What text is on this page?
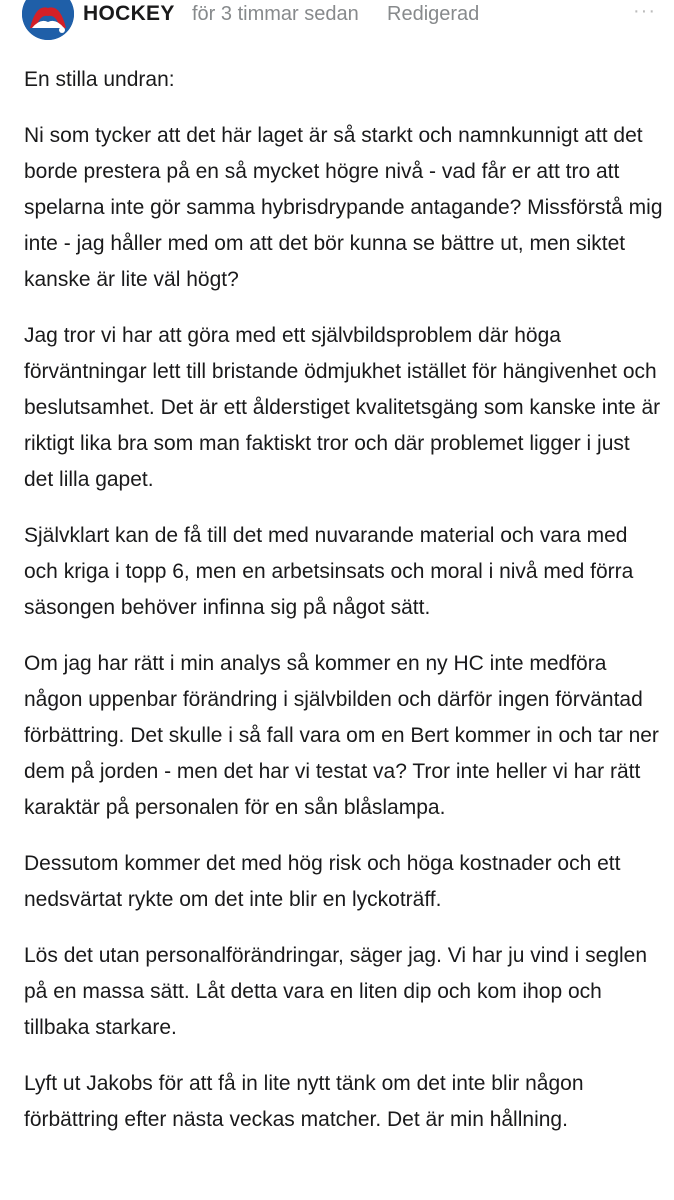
HOCKEY för 3 timmar sedan Redigerad	···

En stilla undran:

Ni som tycker att det här laget är så starkt och namnkunnigt att det borde prestera på en så mycket högre nivå - vad får er att tro att spelarna inte gör samma hybrisdrypande antagande? Missförstå mig inte - jag håller med om att det bör kunna se bättre ut, men siktet kanske är lite väl högt?

Jag tror vi har att göra med ett självbildsproblem där höga förväntningar lett till bristande ödmjukhet istället för hängivenhet och beslutsamhet. Det är ett ålderstiget kvalitetsgäng som kanske inte är riktigt lika bra som man faktiskt tror och där problemet ligger i just det lilla gapet.

Självklart kan de få till det med nuvarande material och vara med och kriga i topp 6, men en arbetsinsats och moral i nivå med förra säsongen behöver infinna sig på något sätt.

Om jag har rätt i min analys så kommer en ny HC inte medföra någon uppenbar förändring i självbilden och därför ingen förväntad förbättring. Det skulle i så fall vara om en Bert kommer in och tar ner dem på jorden - men det har vi testat va? Tror inte heller vi har rätt karaktär på personalen för en sån blåslampa.

Dessutom kommer det med hög risk och höga kostnader och ett nedsvärtat rykte om det inte blir en lyckoträff.

Lös det utan personalförändringar, säger jag. Vi har ju vind i seglen på en massa sätt. Låt detta vara en liten dip och kom ihop och tillbaka starkare.

Lyft ut Jakobs för att få in lite nytt tänk om det inte blir någon förbättring efter nästa veckas matcher. Det är min hållning.
